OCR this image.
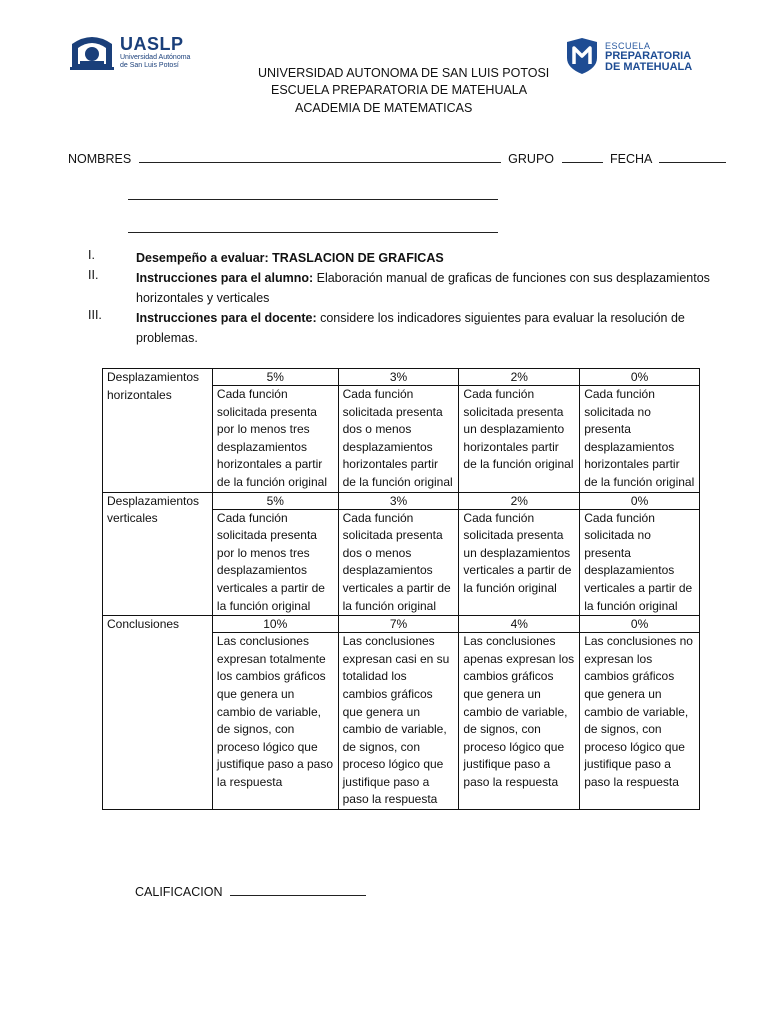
UASLP
Universidad Autónoma
de San Luis Potosí
ESCUELA
PREPARATORIA
DE MATEHUALA
UNIVERSIDAD AUTONOMA DE SAN LUIS POTOSI
ESCUELA PREPARATORIA DE MATEHUALA
ACADEMIA DE MATEMATICAS
NOMBRES	GRUPO	FECHA
I.	Desempeño a evaluar: TRASLACION DE GRAFICAS
II.	Instrucciones para el alumno: Elaboración manual de graficas de funciones con sus desplazamientos
horizontales y verticales
III.	Instrucciones para el docente: considere los indicadores siguientes para evaluar la resolución de
problemas.
Desplazamientos horizontales	5%	3%	2%	0%
	Cada función solicitada presenta por lo menos tres desplazamientos horizontales a partir de la función original	Cada función solicitada presenta dos o menos desplazamientos horizontales partir de la función original	Cada función solicitada presenta un desplazamiento horizontales partir de la función original	Cada función solicitada no presenta desplazamientos horizontales partir de la función original
Desplazamientos verticales	5%	3%	2%	0%
	Cada función solicitada presenta por lo menos tres desplazamientos verticales a partir de la función original	Cada función solicitada presenta dos o menos desplazamientos verticales a partir de la función original	Cada función solicitada presenta un desplazamientos verticales a partir de la función original	Cada función solicitada no presenta desplazamientos verticales a partir de la función original
Conclusiones	10%	7%	4%	0%
	Las conclusiones expresan totalmente los cambios gráficos que genera un cambio de variable, de signos, con proceso lógico que justifique paso a paso la respuesta	Las conclusiones expresan casi en su totalidad los cambios gráficos que genera un cambio de variable, de signos, con proceso lógico que justifique paso a paso la respuesta	Las conclusiones apenas expresan los cambios gráficos que genera un cambio de variable, de signos, con proceso lógico que justifique paso a paso la respuesta	Las conclusiones no expresan los cambios gráficos que genera un cambio de variable, de signos, con proceso lógico que justifique paso a paso la respuesta
CALIFICACION
